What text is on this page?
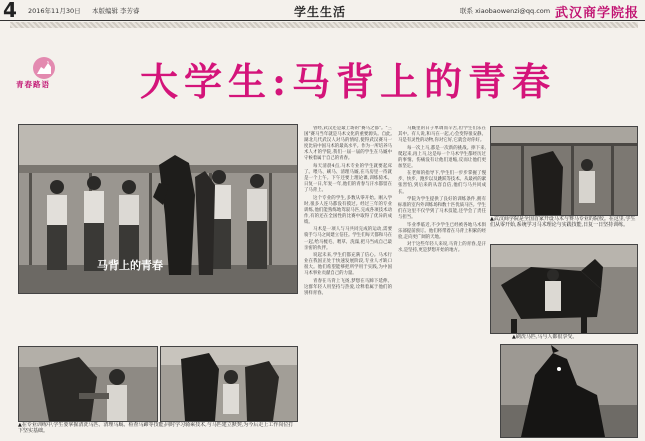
4 2016年11月30日 本版编辑 李芳睿	学生生活	联系 xiaobaowenzi@qq.com 武汉商学院报
青春路语 大学生:马背上的青春
马背上的青春
▲在专业训练中,学生要掌握清洗马匹、清理马厩、检查马蹄等技能;同时学习骑乘技术,与马匹建立默契,为今后走上工作岗位打下坚实基础。

曾经,武汉还是最上场的"赛马之都"。"三国"赛马当年就是马术文化的重要源头。自此,湖北几代武汉人对马的情结,使得武汉赛马一度比肩中国马术的最高水平。作为一所培养马术人才的学院,我们一届一届的学生在马厩中守候着属于自己的青春。

每天清晨4点,马术专业的学生就要起床了。喂马、刷马、清理马厩,在马房里一待就是一个上午。下午还要上理论课,训练骑术。日复一日,年复一年,他们的青春与汗水都留在了马背上。

这个专业的学生,多数从零开始。刚入学时,很多人连马都没有摸过。经过三年的专业训练,他们能熟练地驾驭马匹,完成各项技术动作,有的还在全国性的比赛中取得了优异的成绩。

马术是一项人与马共同完成的运动,需要骑手与马之间建立信任。学生们每天都和马在一起,给马梳毛、喂草、洗澡,把马当成自己最亲密的伙伴。

说起未来,学生们都充满了信心。马术行业在我国正处于快速发展阶段,专业人才缺口很大。他们希望能够把所学用于实践,为中国马术事业贡献自己的力量。

青春在马背上飞扬,梦想在马蹄下延伸。这群年轻人用坚持与热爱,诠释着属于他们的别样青春。

马厩里的日子单调而辛苦,但学生们乐在其中。有人说,和马在一起,心会变得很安静。马是有灵性的动物,你对它好,它就会对你好。

每一次上马,都是一次新的挑战。摔下来,爬起来,再上马,这是每一个马术学生都经历过的事情。伤痛没有让他们退缩,反而让他们更加坚定。

在老师的指导下,学生们一步步掌握了慢步、快步、跑步以及跳跃等技术。从最初的紧张害怕,到后来的从容自信,他们与马共同成长。

学院为学生提供了良好的训练条件,拥有标准的室内外训练场和数十匹优质马匹。学生们在这里不仅学到了马术技能,还学会了责任与担当。

毕业季临近,不少学生已经被各地马术俱乐部提前预订。他们将带着在马背上积累的经验,走向更广阔的天地。

对于这些年轻人来说,马背上的青春,是汗水,是坚持,更是梦想开始的地方。

▲武汉商学院是全国首家开设马术与赛马专业的院校。在这里,学生们从零开始,系统学习马术理论与实践技能,日复一日坚持训练。
▲刷洗马匹,马与人都很享受。
